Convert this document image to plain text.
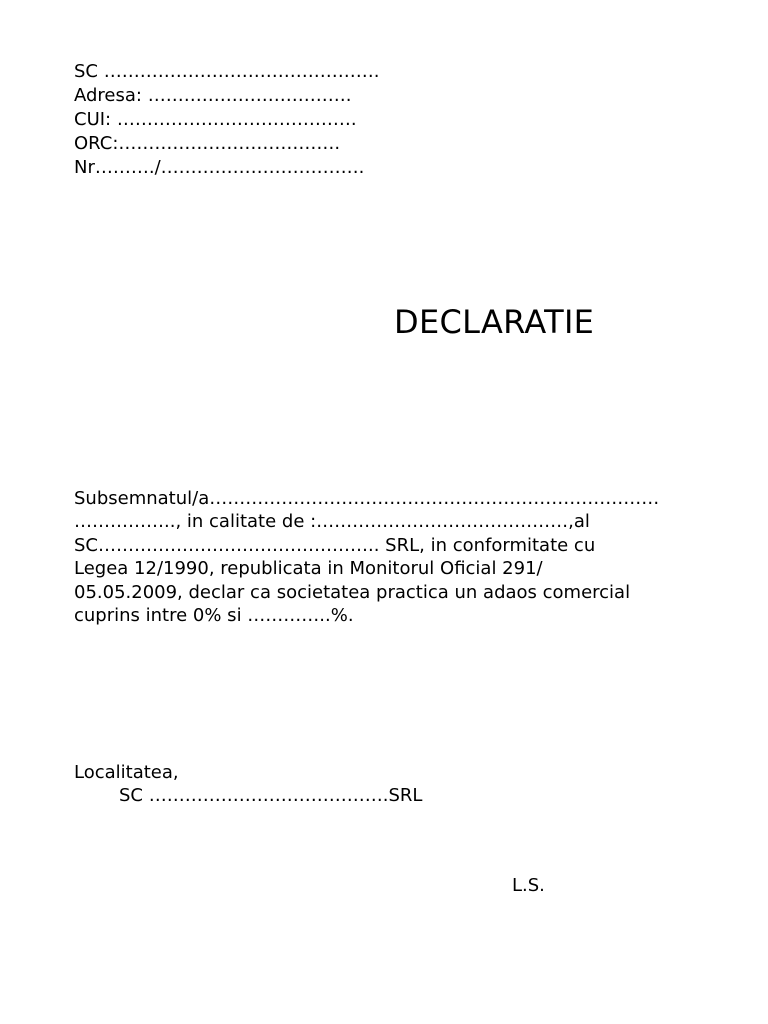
SC ……………………………………….
Adresa: …………………………….
CUI: ………………………………….
ORC:……………………………….
Nr………./…………………………….
DECLARATIE
Subsemnatul/a…………………………………………………………………
…………….., in calitate de :……………………………………,al
SC……………………………………….. SRL, in conformitate cu
Legea 12/1990, republicata in Monitorul Oficial 291/
05.05.2009, declar ca societatea practica un adaos comercial
cuprins intre 0% si …………..%.
Localitatea,
SC ………………………………….SRL
L.S.
